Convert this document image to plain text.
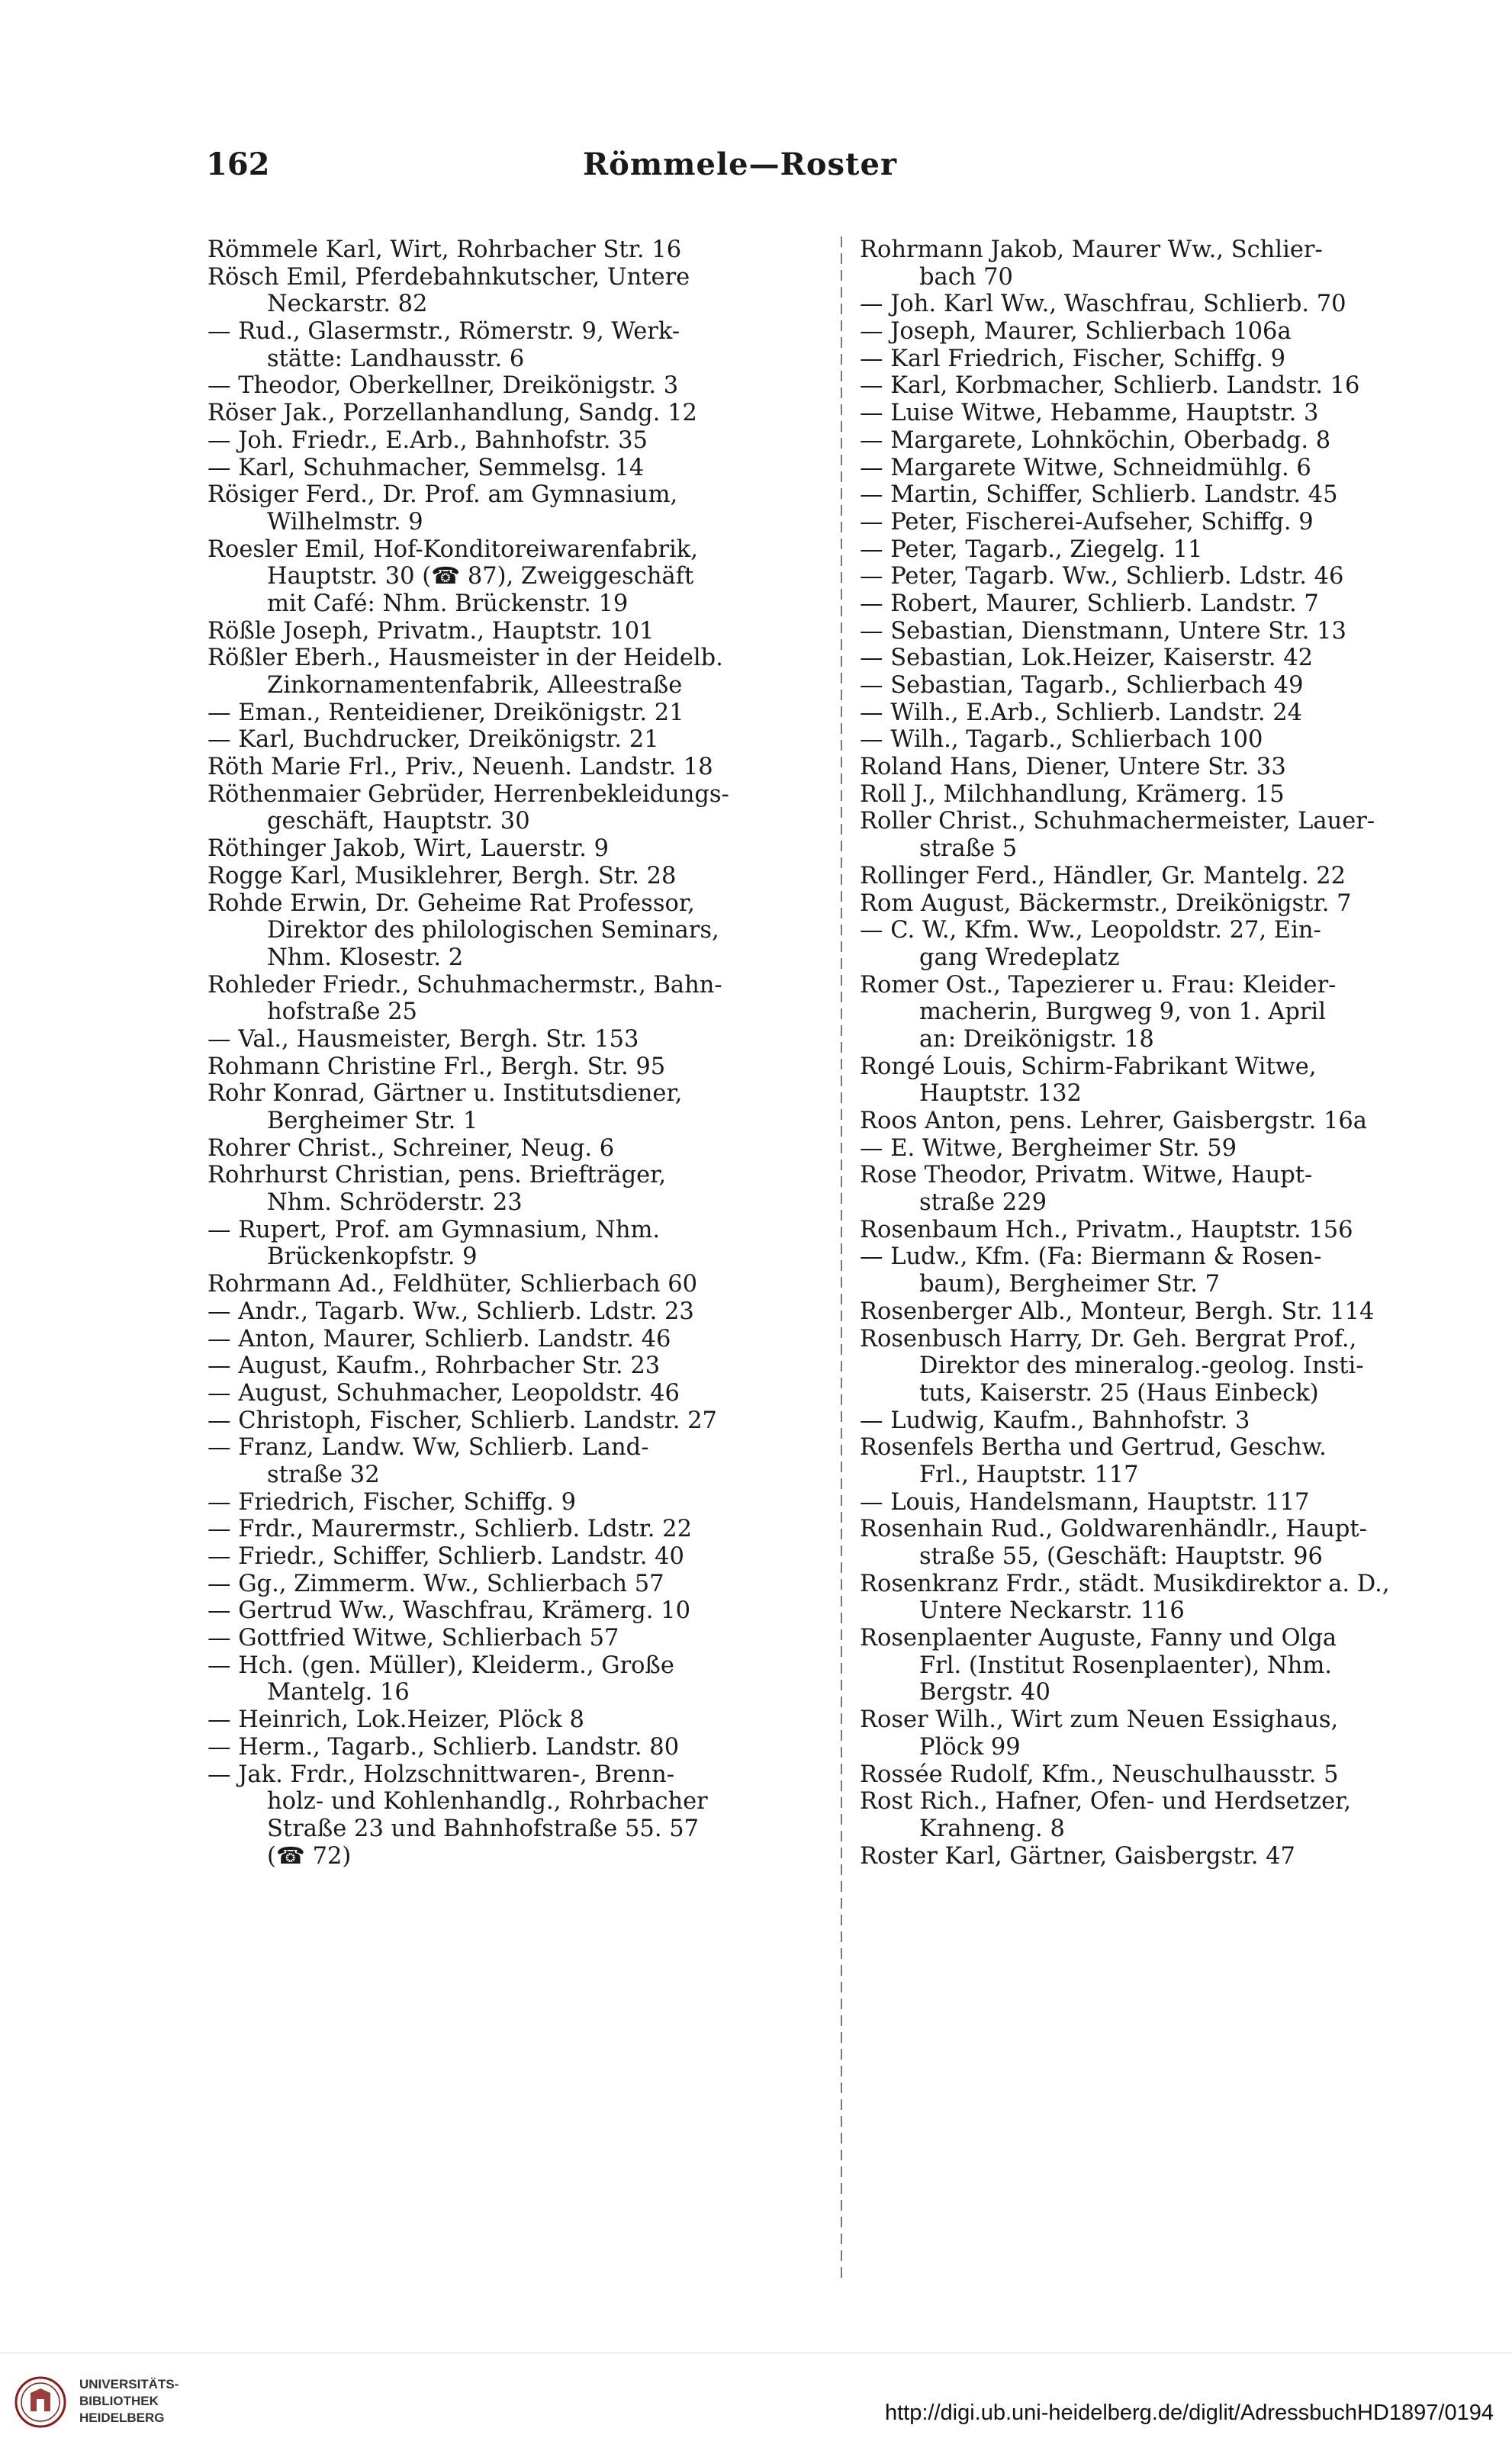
162	Römmele—Roster
Römmele Karl, Wirt, Rohrbacher Str. 16
Rösch Emil, Pferdebahnkutscher, Untere
Neckarstr. 82
— Rud., Glasermstr., Römerstr. 9, Werk-
stätte: Landhausstr. 6
— Theodor, Oberkellner, Dreikönigstr. 3
Röser Jak., Porzellanhandlung, Sandg. 12
— Joh. Friedr., E.Arb., Bahnhofstr. 35
— Karl, Schuhmacher, Semmelsg. 14
Rösiger Ferd., Dr. Prof. am Gymnasium,
Wilhelmstr. 9
Roesler Emil, Hof-Konditoreiwarenfabrik,
Hauptstr. 30 (☎ 87), Zweiggeschäft
mit Café: Nhm. Brückenstr. 19
Rößle Joseph, Privatm., Hauptstr. 101
Rößler Eberh., Hausmeister in der Heidelb.
Zinkornamentenfabrik, Alleestraße
— Eman., Renteidiener, Dreikönigstr. 21
— Karl, Buchdrucker, Dreikönigstr. 21
Röth Marie Frl., Priv., Neuenh. Landstr. 18
Röthenmaier Gebrüder, Herrenbekleidungs-
geschäft, Hauptstr. 30
Röthinger Jakob, Wirt, Lauerstr. 9
Rogge Karl, Musiklehrer, Bergh. Str. 28
Rohde Erwin, Dr. Geheime Rat Professor,
Direktor des philologischen Seminars,
Nhm. Klosestr. 2
Rohleder Friedr., Schuhmachermstr., Bahn-
hofstraße 25
— Val., Hausmeister, Bergh. Str. 153
Rohmann Christine Frl., Bergh. Str. 95
Rohr Konrad, Gärtner u. Institutsdiener,
Bergheimer Str. 1
Rohrer Christ., Schreiner, Neug. 6
Rohrhurst Christian, pens. Briefträger,
Nhm. Schröderstr. 23
— Rupert, Prof. am Gymnasium, Nhm.
Brückenkopfstr. 9
Rohrmann Ad., Feldhüter, Schlierbach 60
— Andr., Tagarb. Ww., Schlierb. Ldstr. 23
— Anton, Maurer, Schlierb. Landstr. 46
— August, Kaufm., Rohrbacher Str. 23
— August, Schuhmacher, Leopoldstr. 46
— Christoph, Fischer, Schlierb. Landstr. 27
— Franz, Landw. Ww, Schlierb. Land-
straße 32
— Friedrich, Fischer, Schiffg. 9
— Frdr., Maurermstr., Schlierb. Ldstr. 22
— Friedr., Schiffer, Schlierb. Landstr. 40
— Gg., Zimmerm. Ww., Schlierbach 57
— Gertrud Ww., Waschfrau, Krämerg. 10
— Gottfried Witwe, Schlierbach 57
— Hch. (gen. Müller), Kleiderm., Große
Mantelg. 16
— Heinrich, Lok.Heizer, Plöck 8
— Herm., Tagarb., Schlierb. Landstr. 80
— Jak. Frdr., Holzschnittwaren-, Brenn-
holz- und Kohlenhandlg., Rohrbacher
Straße 23 und Bahnhofstraße 55. 57
(☎ 72)
Rohrmann Jakob, Maurer Ww., Schlier-
bach 70
— Joh. Karl Ww., Waschfrau, Schlierb. 70
— Joseph, Maurer, Schlierbach 106a
— Karl Friedrich, Fischer, Schiffg. 9
— Karl, Korbmacher, Schlierb. Landstr. 16
— Luise Witwe, Hebamme, Hauptstr. 3
— Margarete, Lohnköchin, Oberbadg. 8
— Margarete Witwe, Schneidmühlg. 6
— Martin, Schiffer, Schlierb. Landstr. 45
— Peter, Fischerei-Aufseher, Schiffg. 9
— Peter, Tagarb., Ziegelg. 11
— Peter, Tagarb. Ww., Schlierb. Ldstr. 46
— Robert, Maurer, Schlierb. Landstr. 7
— Sebastian, Dienstmann, Untere Str. 13
— Sebastian, Lok.Heizer, Kaiserstr. 42
— Sebastian, Tagarb., Schlierbach 49
— Wilh., E.Arb., Schlierb. Landstr. 24
— Wilh., Tagarb., Schlierbach 100
Roland Hans, Diener, Untere Str. 33
Roll J., Milchhandlung, Krämerg. 15
Roller Christ., Schuhmachermeister, Lauer-
straße 5
Rollinger Ferd., Händler, Gr. Mantelg. 22
Rom August, Bäckermstr., Dreikönigstr. 7
— C. W., Kfm. Ww., Leopoldstr. 27, Ein-
gang Wredeplatz
Romer Ost., Tapezierer u. Frau: Kleider-
macherin, Burgweg 9, von 1. April
an: Dreikönigstr. 18
Rongé Louis, Schirm-Fabrikant Witwe,
Hauptstr. 132
Roos Anton, pens. Lehrer, Gaisbergstr. 16a
— E. Witwe, Bergheimer Str. 59
Rose Theodor, Privatm. Witwe, Haupt-
straße 229
Rosenbaum Hch., Privatm., Hauptstr. 156
— Ludw., Kfm. (Fa: Biermann & Rosen-
baum), Bergheimer Str. 7
Rosenberger Alb., Monteur, Bergh. Str. 114
Rosenbusch Harry, Dr. Geh. Bergrat Prof.,
Direktor des mineralog.-geolog. Insti-
tuts, Kaiserstr. 25 (Haus Einbeck)
— Ludwig, Kaufm., Bahnhofstr. 3
Rosenfels Bertha und Gertrud, Geschw.
Frl., Hauptstr. 117
— Louis, Handelsmann, Hauptstr. 117
Rosenhain Rud., Goldwarenhändlr., Haupt-
straße 55, (Geschäft: Hauptstr. 96
Rosenkranz Frdr., städt. Musikdirektor a. D.,
Untere Neckarstr. 116
Rosenplaenter Auguste, Fanny und Olga
Frl. (Institut Rosenplaenter), Nhm.
Bergstr. 40
Roser Wilh., Wirt zum Neuen Essighaus,
Plöck 99
Rossée Rudolf, Kfm., Neuschulhausstr. 5
Rost Rich., Hafner, Ofen- und Herdsetzer,
Krahneng. 8
Roster Karl, Gärtner, Gaisbergstr. 47
UNIVERSITÄTS-
BIBLIOTHEK
HEIDELBERG	http://digi.ub.uni-heidelberg.de/diglit/AdressbuchHD1897/0194
